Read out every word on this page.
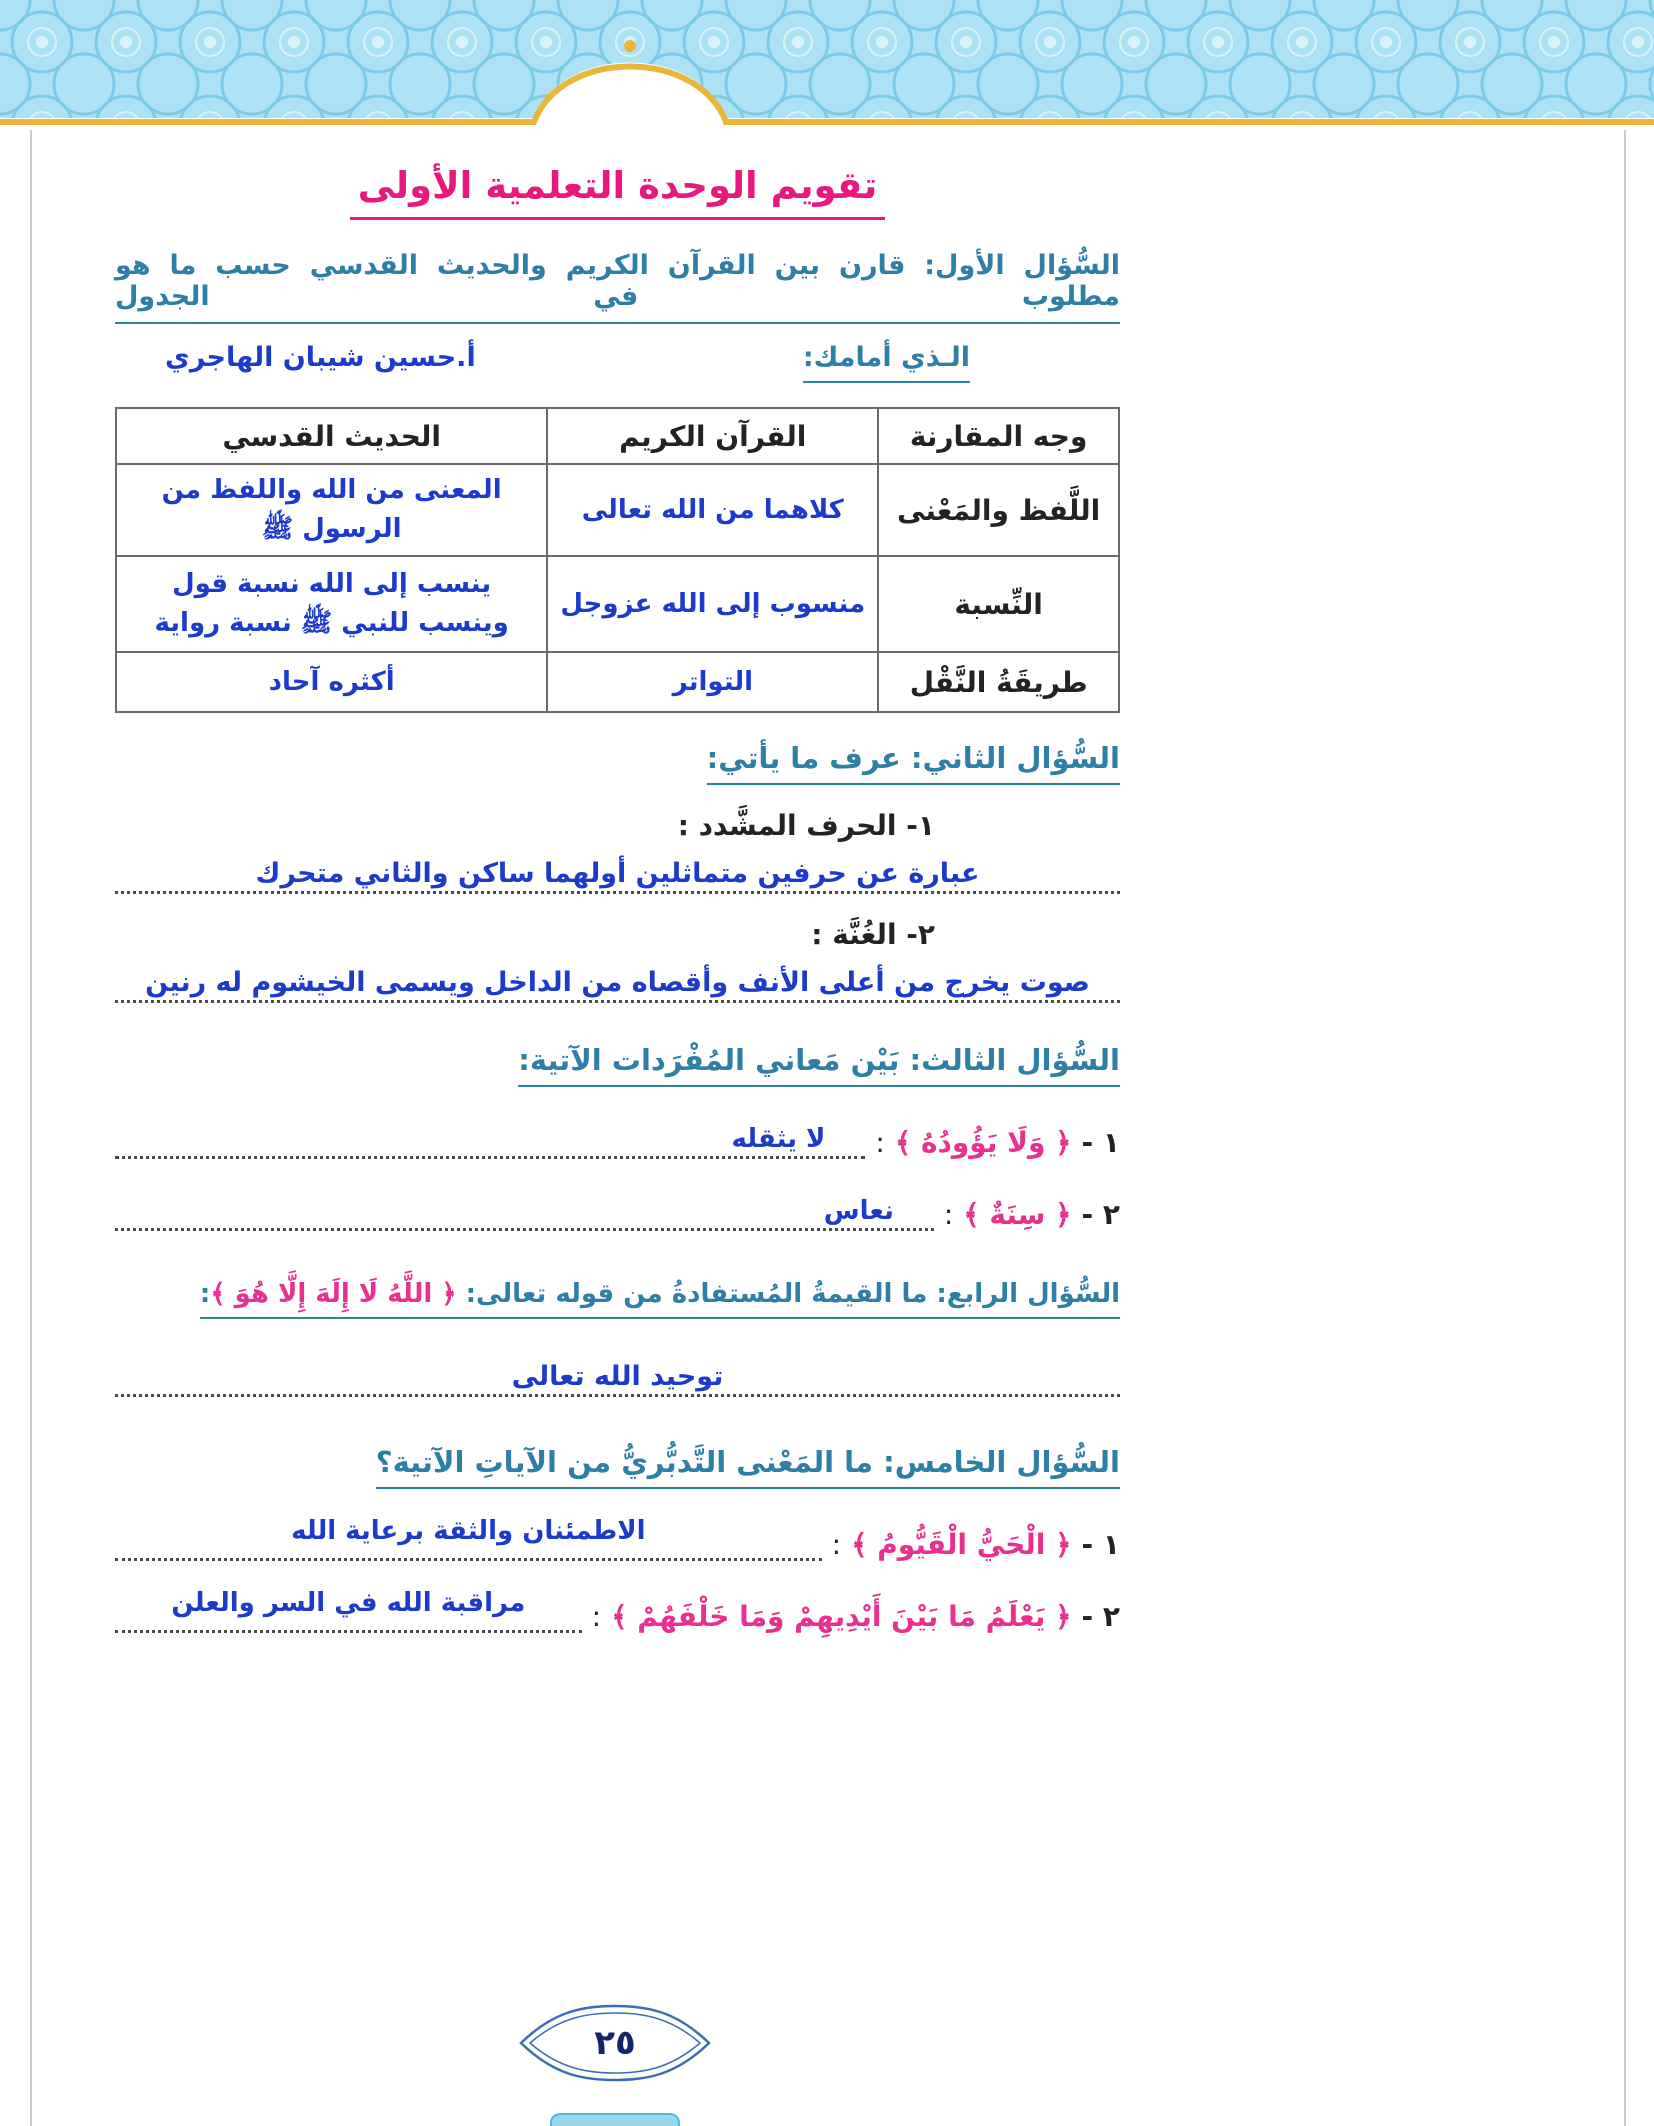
تقويم الوحدة التعلمية الأولى
السُّؤال الأول: قارن بين القرآن الكريم والحديث القدسي حسب ما هو مطلوب في الجدول
الـذي أمامك:
أ.حسين شيبان الهاجري
وجه المقارنة	القرآن الكريم	الحديث القدسي
اللَّفظ والمَعْنى	كلاهما من الله تعالى	المعنى من الله واللفظ من الرسول ﷺ
النِّسبة	منسوب إلى الله عزوجل	ينسب إلى الله نسبة قول وينسب للنبي ﷺ نسبة رواية
طريقَةُ النَّقْل	التواتر	أكثره آحاد
السُّؤال الثاني: عرف ما يأتي:
١- الحرف المشَّدد :
عبارة عن حرفين متماثلين أولهما ساكن والثاني متحرك
٢- الغُنَّة :
صوت يخرج من أعلى الأنف وأقصاه من الداخل ويسمى الخيشوم له رنين
السُّؤال الثالث: بَيْن مَعاني المُفْرَدات الآتية:
١ -
﴿ وَلَا يَؤُودُهُ ﴾
:
لا يثقله
٢ -
﴿ سِنَةٌ ﴾
:
نعاس
السُّؤال الرابع: ما القيمةُ المُستفادةُ من قوله تعالى: ﴿ اللَّهُ لَا إِلَهَ إِلَّا هُوَ ﴾:
توحيد الله تعالى
السُّؤال الخامس: ما المَعْنى التَّدبُّريُّ من الآياتِ الآتية؟
١ -
﴿ الْحَيُّ الْقَيُّومُ ﴾
:
الاطمئنان والثقة برعاية الله
٢ -
﴿ يَعْلَمُ مَا بَيْنَ أَيْدِيهِمْ وَمَا خَلْفَهُمْ ﴾
:
مراقبة الله في السر والعلن
٢٥
